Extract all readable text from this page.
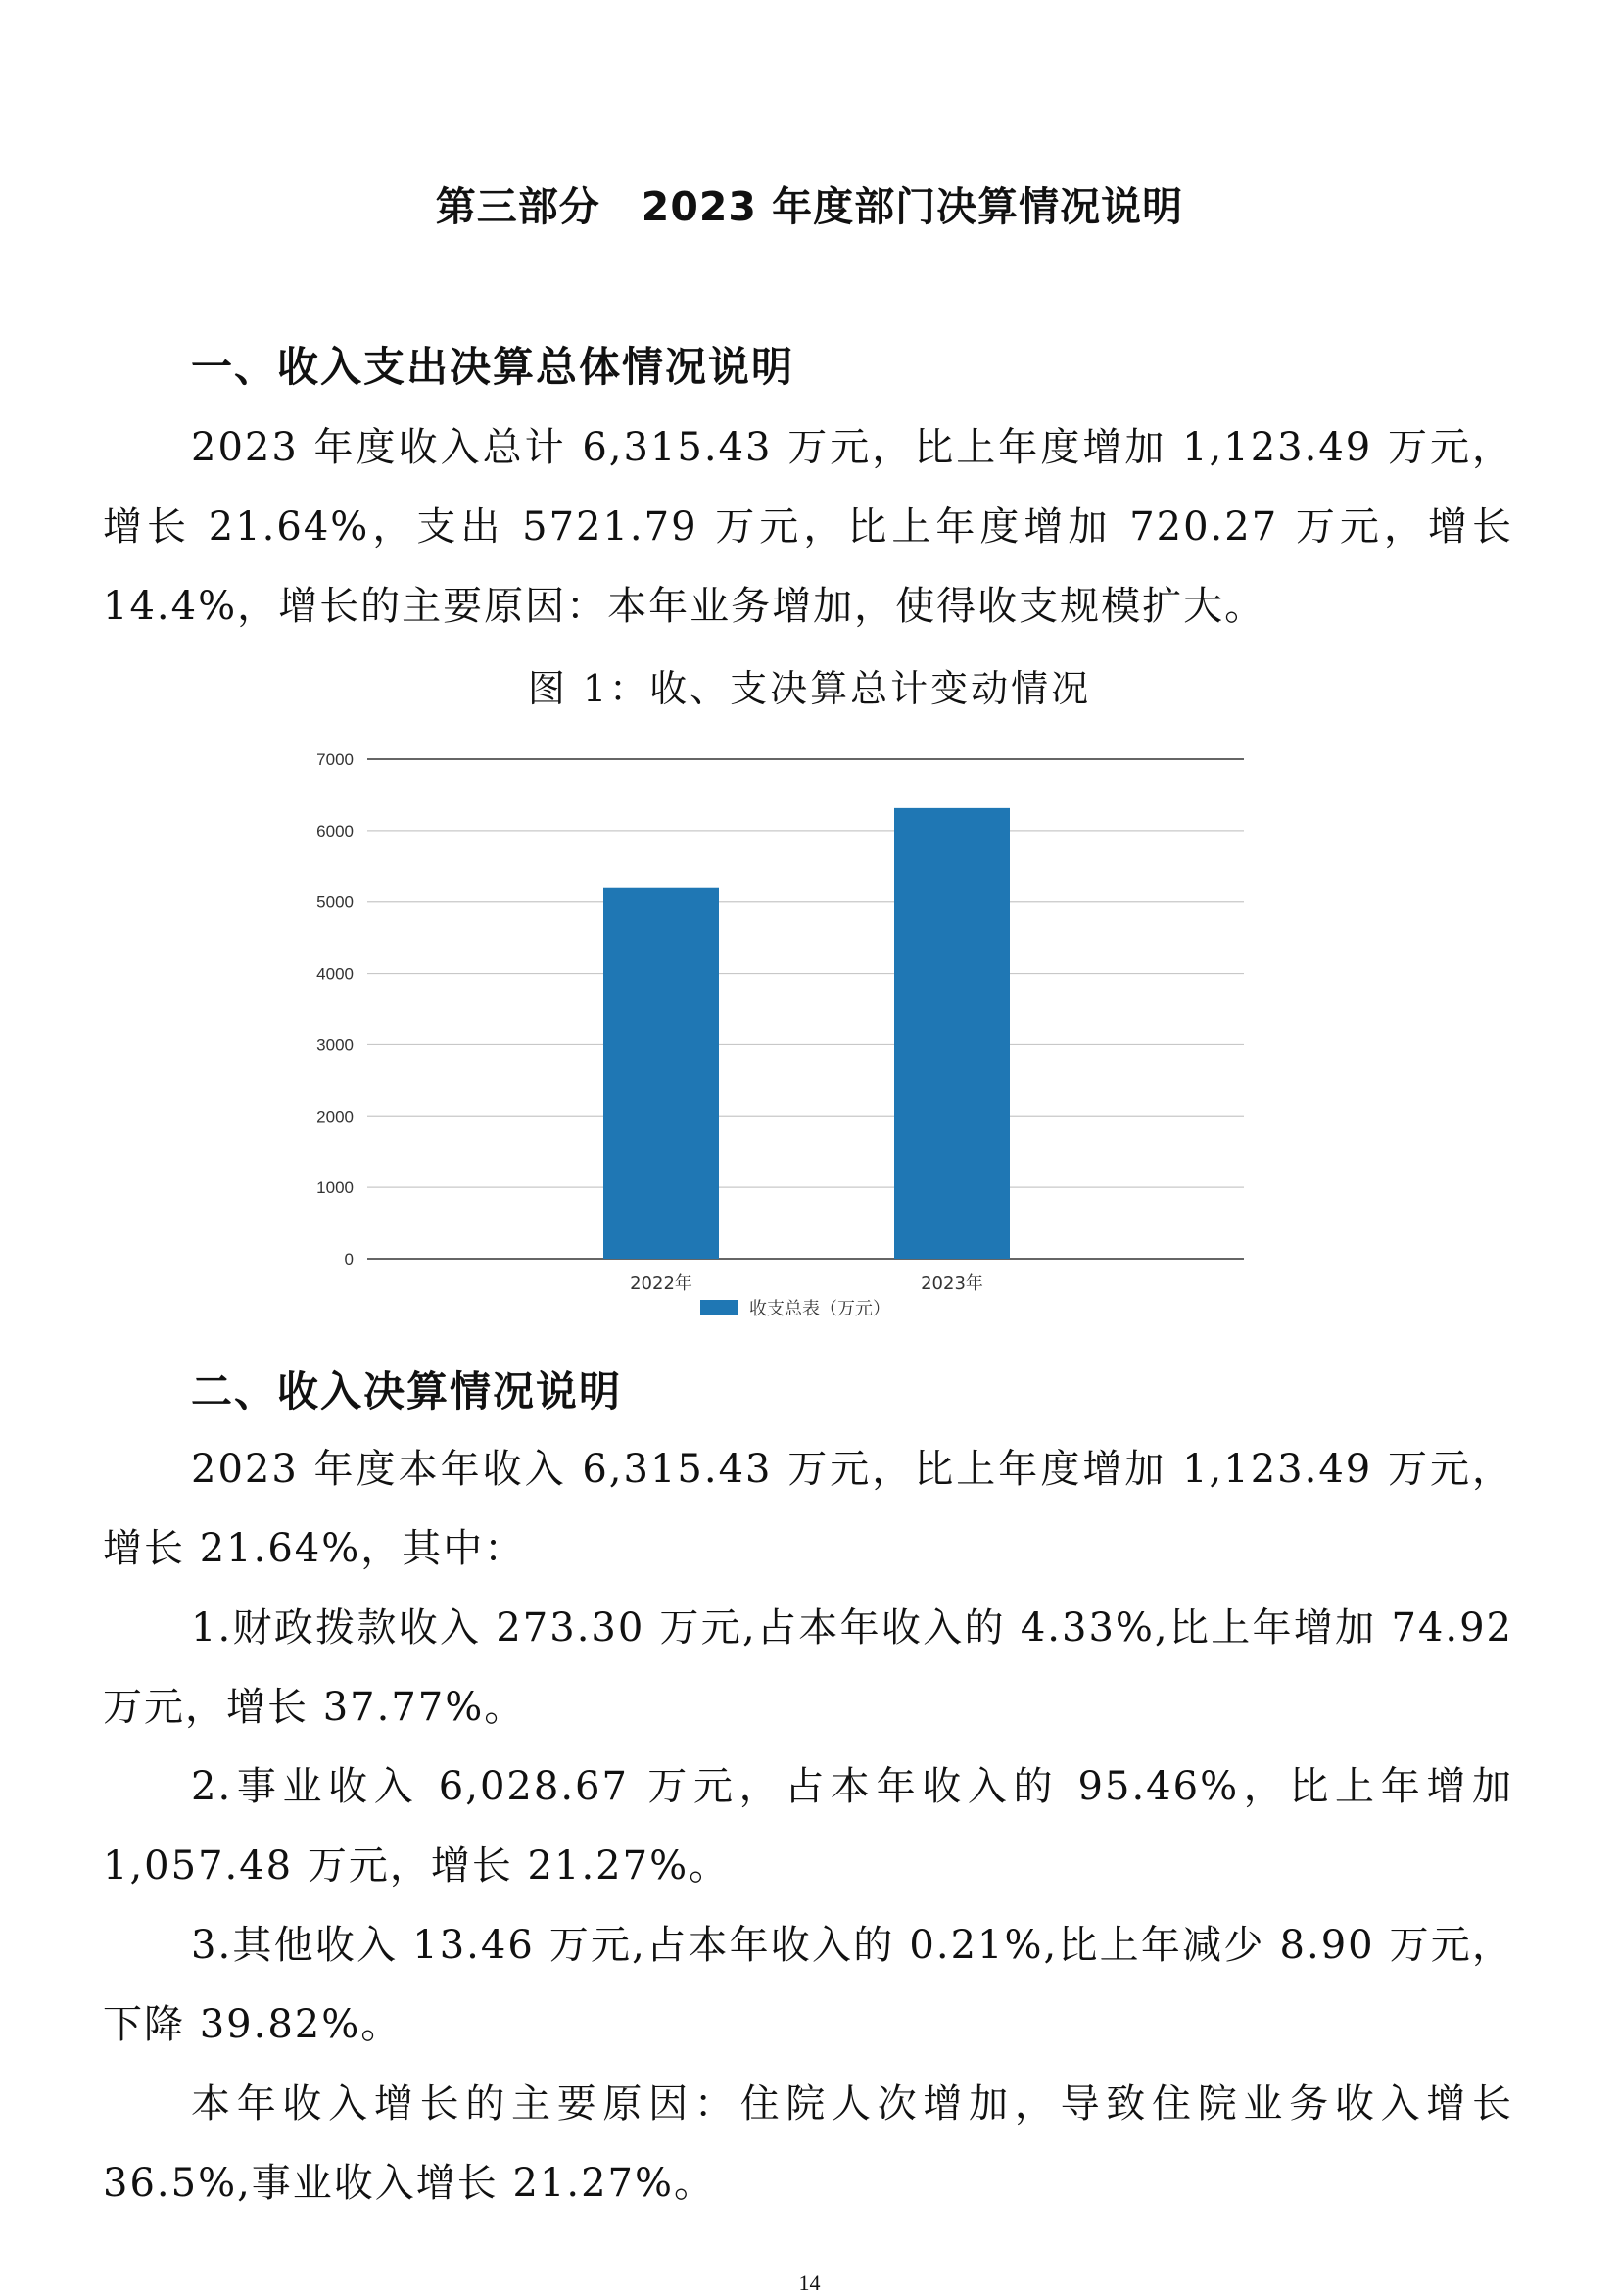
第三部分　2023 年度部门决算情况说明
一、收入支出决算总体情况说明
2023 年度收入总计 6,315.43 万元，比上年度增加 1,123.49 万元，增长 21.64%，支出 5721.79 万元，比上年度增加 720.27 万元，增长 14.4%，增长的主要原因：本年业务增加，使得收支规模扩大。
图 1：收、支决算总计变动情况
0
1000
2000
3000
4000
5000
6000
7000
2022年	2023年
收支总表（万元）
二、收入决算情况说明
2023 年度本年收入 6,315.43 万元，比上年度增加 1,123.49 万元，增长 21.64%，其中：
1.财政拨款收入 273.30 万元,占本年收入的 4.33%,比上年增加 74.92 万元，增长 37.77%。
2.事业收入 6,028.67 万元，占本年收入的 95.46%，比上年增加 1,057.48 万元，增长 21.27%。
3.其他收入 13.46 万元,占本年收入的 0.21%,比上年减少 8.90 万元，下降 39.82%。
本年收入增长的主要原因：住院人次增加，导致住院业务收入增长 36.5%,事业收入增长 21.27%。
14
